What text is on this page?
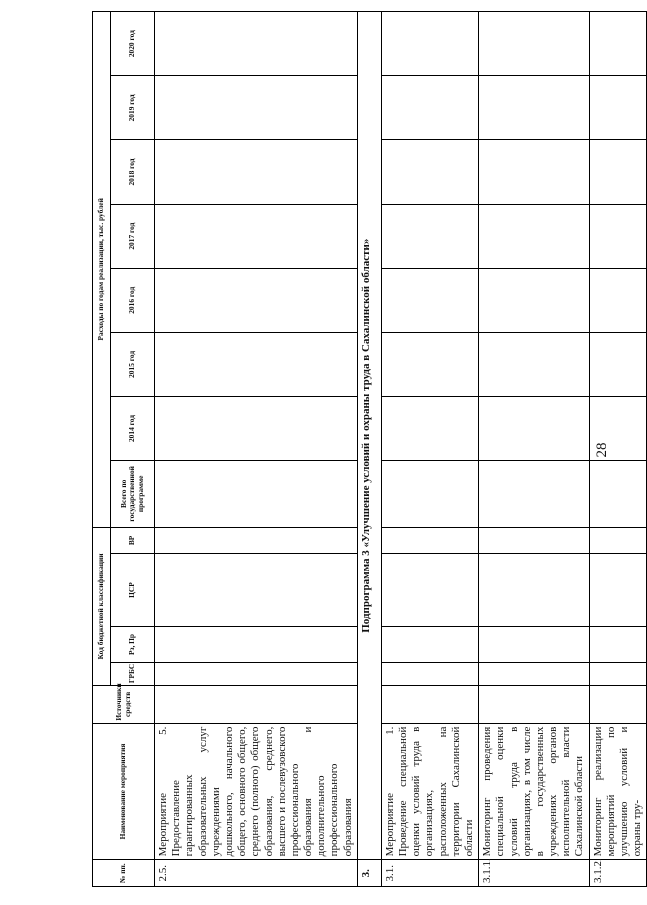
28
№ пп.	Наименование мероприятия	Источники средств	Код бюджетной классификации				Расходы по годам реализации, тыс. рублей							
			ГРБС	Рз, Пр	ЦСР	ВР	Всего по государственной программе	2014 год	2015 год	2016 год	2017 год	2018 год	2019 год	2020 год
2.5.	Мероприятие 5. Предоставление гарантированных образовательных услуг учреждениями дошкольного, начального общего, основного общего, среднего (полного) общего образования, среднего, высшего и послевузовского профессионального образования и дополнительного профессионального образования													
3.	Подпрограмма 3 «Улучшение условий и охраны труда в Сахалинской области»													
3.1.	Мероприятие 1. Проведение специальной оценки условий труда в организациях, расположенных на территории Сахалинской области													
3.1.1.	Мониторинг проведения специальной оценки условий труда в организациях, в том числе в государственных учреждениях органов исполнительной власти Сахалинской области													
3.1.2.	Мониторинг реализации мероприятий по улучшению условий и охраны тру-													
